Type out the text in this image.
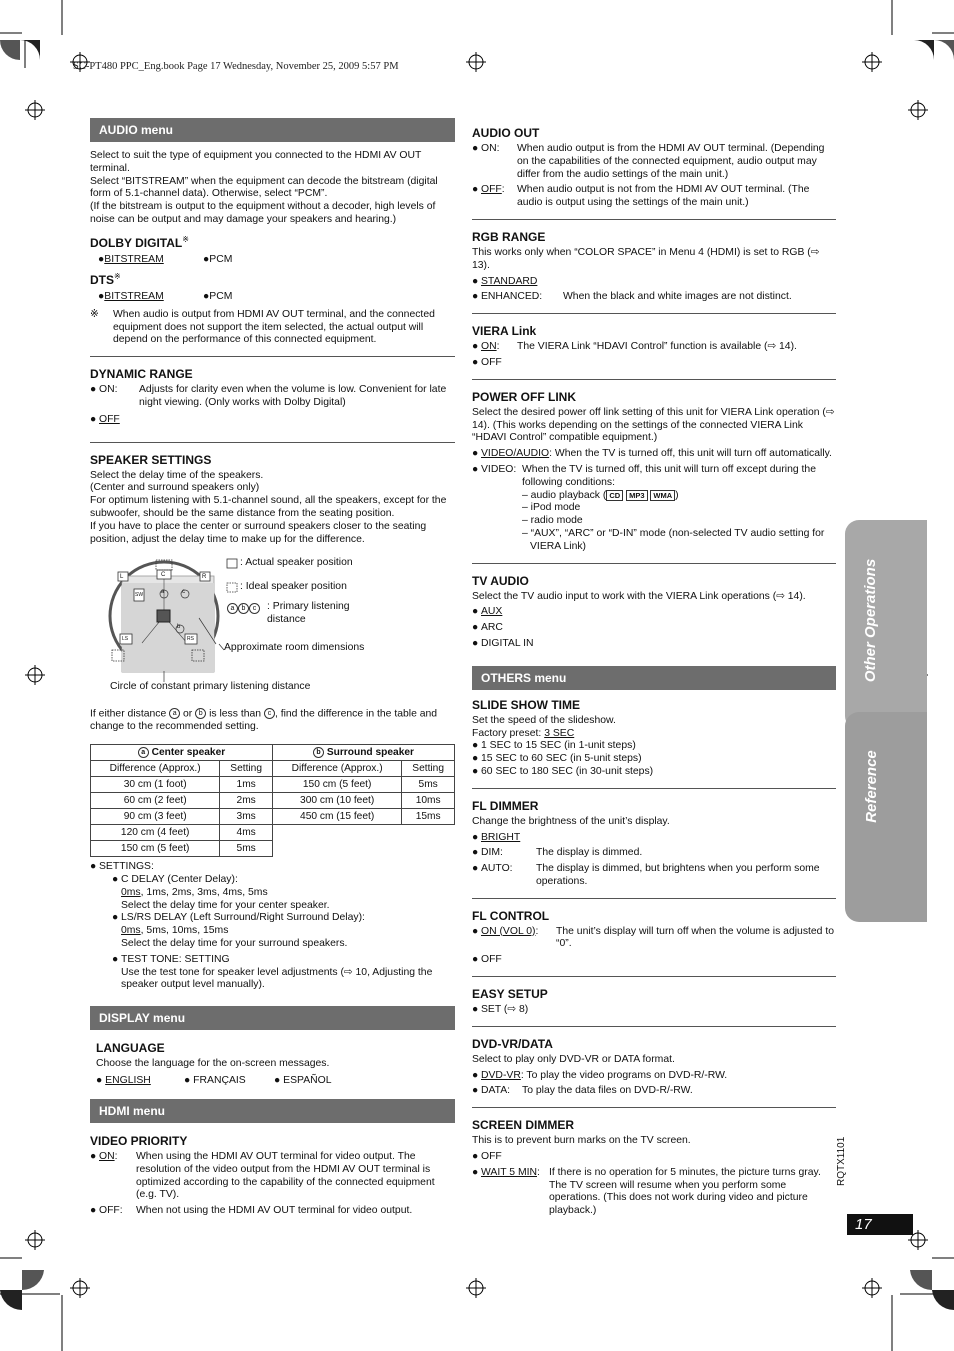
SC-PT480 PPC_Eng.book Page 17 Wednesday, November 25, 2009 5:57 PM
Other Operations
Reference
RQTX1101
17
AUDIO menu

Select to suit the type of equipment you connected to the HDMI AV OUT terminal.

Select “BITSTREAM” when the equipment can decode the bitstream (digital form of 5.1-channel data). Otherwise, select “PCM”.

(If the bitstream is output to the equipment without a decoder, high levels of noise can be output and may damage your speakers and hearing.)

DOLBY DIGITAL※
●BITSTREAM	●PCM
DTS※
●BITSTREAM	●PCM
※	When audio is output from HDMI AV OUT terminal, and the connected equipment does not support the item selected, the actual output will depend on the performance of this connected equipment.
DYNAMIC RANGE
● ON:	Adjusts for clarity even when the volume is low. Convenient for late night viewing. (Only works with Dolby Digital)
● OFF
SPEAKER SETTINGS

Select the delay time of the speakers.

(Center and surround speakers only)

For optimum listening with 5.1-channel sound, all the speakers, except for the subwoofer, should be the same distance from the seating position.

If you have to place the center or surround speakers closer to the seating position, adjust the delay time to make up for the difference.

L	C	R
SW
LS	RS
a	c
b
: Actual speaker position
: Ideal speaker position
a b c	: Primary listening distance
Approximate room dimensions
Circle of constant primary listening distance

If either distance a or b is less than c , find the difference in the table and change to the recommended setting.

a Center speaker		b Surround speaker	
Difference (Approx.)	Setting	Difference (Approx.)	Setting
30 cm (1 foot)	1ms	150 cm (5 feet)	5ms
60 cm (2 feet)	2ms	300 cm (10 feet)	10ms
90 cm (3 feet)	3ms	450 cm (15 feet)	15ms
120 cm (4 feet)	4ms		
150 cm (5 feet)	5ms		
● SETTINGS:
● C DELAY (Center Delay):

0ms, 1ms, 2ms, 3ms, 4ms, 5ms

Select the delay time for your center speaker.

● LS/RS DELAY (Left Surround/Right Surround Delay):

0ms, 5ms, 10ms, 15ms

Select the delay time for your surround speakers.

● TEST TONE: SETTING

Use the test tone for speaker level adjustments (⇨ 10, Adjusting the speaker output level manually).

DISPLAY menu
LANGUAGE

Choose the language for the on-screen messages.

● ENGLISH	● FRANÇAIS	● ESPAÑOL
HDMI menu
VIDEO PRIORITY
● ON:	When using the HDMI AV OUT terminal for video output. The resolution of the video output from the HDMI AV OUT terminal is optimized according to the capability of the connected equipment (e.g. TV).
● OFF:	When not using the HDMI AV OUT terminal for video output.
AUDIO OUT
● ON:	When audio output is from the HDMI AV OUT terminal. (Depending on the capabilities of the connected equipment, audio output may differ from the audio settings of the main unit.)
● OFF:	When audio output is not from the HDMI AV OUT terminal. (The audio is output using the settings of the main unit.)
RGB RANGE

This works only when “COLOR SPACE” in Menu 4 (HDMI) is set to RGB (⇨ 13).

● STANDARD
● ENHANCED:	When the black and white images are not distinct.
VIERA Link
● ON:	The VIERA Link “HDAVI Control” function is available (⇨ 14).
● OFF
POWER OFF LINK

Select the desired power off link setting of this unit for VIERA Link operation (⇨ 14). (This works depending on the settings of the connected VIERA Link “HDAVI Control” compatible equipment.)

● VIDEO/AUDIO : When the TV is turned off, this unit will turn off automatically.
● VIDEO: When the TV is turned off, this unit will turn off except during the following conditions:

– audio playback ( CD MP3 WMA )

– iPod mode

– radio mode

– “AUX”, “ARC” or “D-IN” mode (non-selected TV audio setting for VIERA Link)

TV AUDIO

Select the TV audio input to work with the VIERA Link operations (⇨ 14).

● AUX
● ARC
● DIGITAL IN
OTHERS menu
SLIDE SHOW TIME

Set the speed of the slideshow.

Factory preset: 3 SEC

● 1 SEC to 15 SEC (in 1-unit steps)
● 15 SEC to 60 SEC (in 5-unit steps)
● 60 SEC to 180 SEC (in 30-unit steps)
FL DIMMER

Change the brightness of the unit’s display.

● BRIGHT
● DIM:	The display is dimmed.
● AUTO:	The display is dimmed, but brightens when you perform some operations.
FL CONTROL
● ON (VOL 0):	The unit’s display will turn off when the volume is adjusted to “0”.
● OFF
EASY SETUP
● SET (⇨ 8)
DVD-VR/DATA

Select to play only DVD-VR or DATA format.

● DVD-VR : To play the video programs on DVD-R/-RW.
● DATA:	To play the data files on DVD-R/-RW.
SCREEN DIMMER

This is to prevent burn marks on the TV screen.

● OFF
● WAIT 5 MIN: If there is no operation for 5 minutes, the picture turns gray. The TV screen will resume when you perform some operations. (This does not work during video and picture playback.)
